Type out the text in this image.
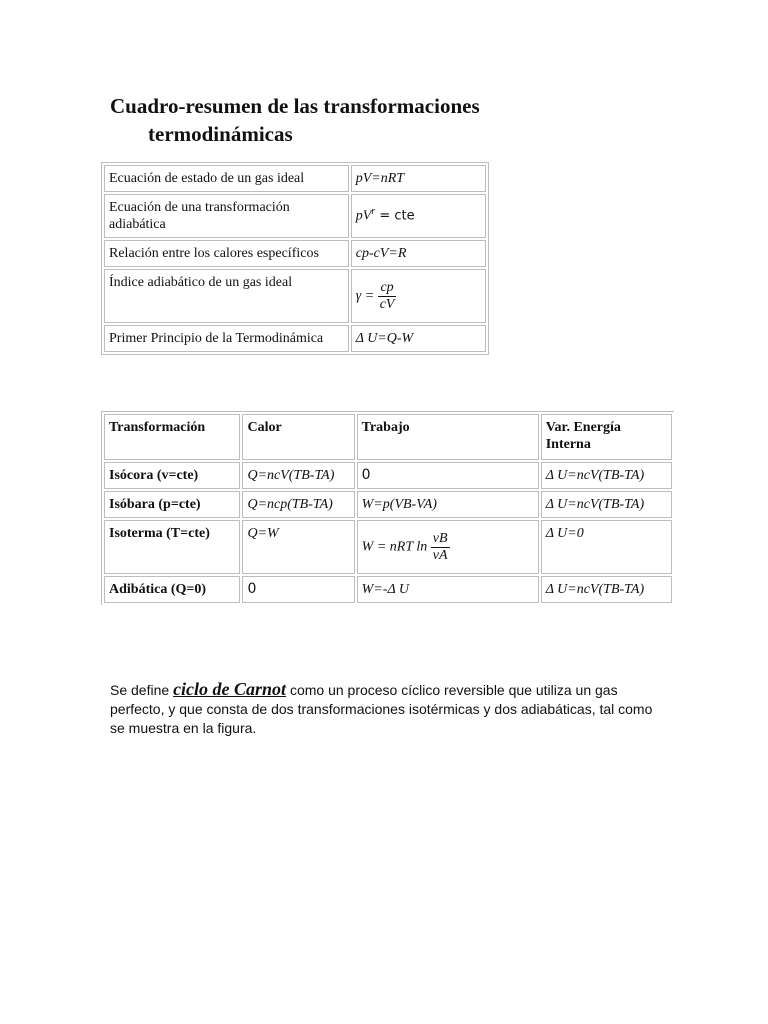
Cuadro-resumen de las transformaciones
termodinámicas
Ecuación de estado de un gas ideal	pV=nRT
Ecuación de una transformación adiabática	$pV^r$ = cte
Relación entre los calores específicos	cp-cV=R
Índice adiabático de un gas ideal	$\gamma = \frac{cp}{cV}$

Primer Principio de la Termodinámica	Δ U=Q-W
Transformación	Calor	Trabajo	Var. Energía Interna
Isócora (v=cte)	Q=ncV(TB-TA)	0	Δ U=ncV(TB-TA)
Isóbara (p=cte)	Q=ncp(TB-TA)	W=p(VB-VA)	Δ U=ncV(TB-TA)
Isoterma (T=cte)	Q=W	W = nRT $\ln \frac{vB}{vA}$	Δ U=0
Adibática (Q=0)	0	W=-Δ U	Δ U=ncV(TB-TA)

Se define ciclo de Carnot como un proceso cíclico reversible que utiliza un gas perfecto, y que consta de dos transformaciones isotérmicas y dos adiabáticas, tal como se muestra en la figura.
